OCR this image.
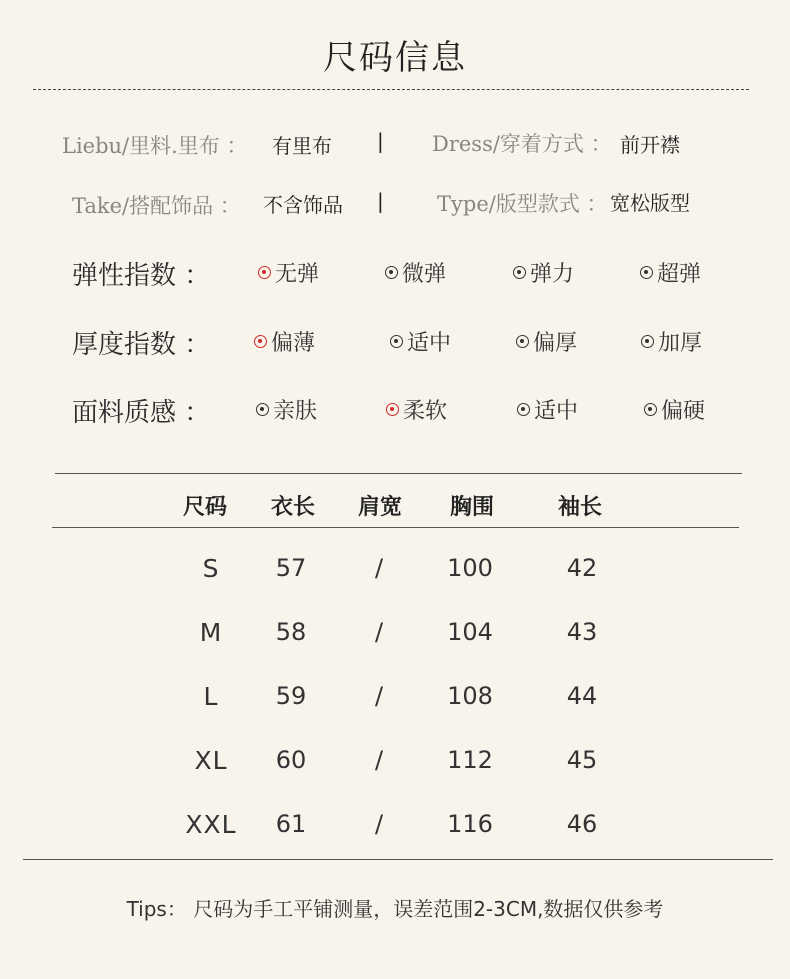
尺码信息
Liebu/里料.里布 ： 有里布 | Dress/穿着方式 ： 前开襟
Take/搭配饰品 ： 不含饰品 |	Type/版型款式 ： 宽松版型
弹性指数 ：	无弹	微弹	弹力	超弹
厚度指数 ：	偏薄	适中	偏厚	加厚
面料质感 ：	亲肤	柔软	适中	偏硬
尺码	衣长	肩宽	胸围	袖长
S	57	/	100	42
M	58	/	104	43
L	59	/	108	44
XL	60	/	112	45
XXL	61	/	116	46
Tips： 尺码为手工平铺测量，误差范围2-3CM,数据仅供参考
